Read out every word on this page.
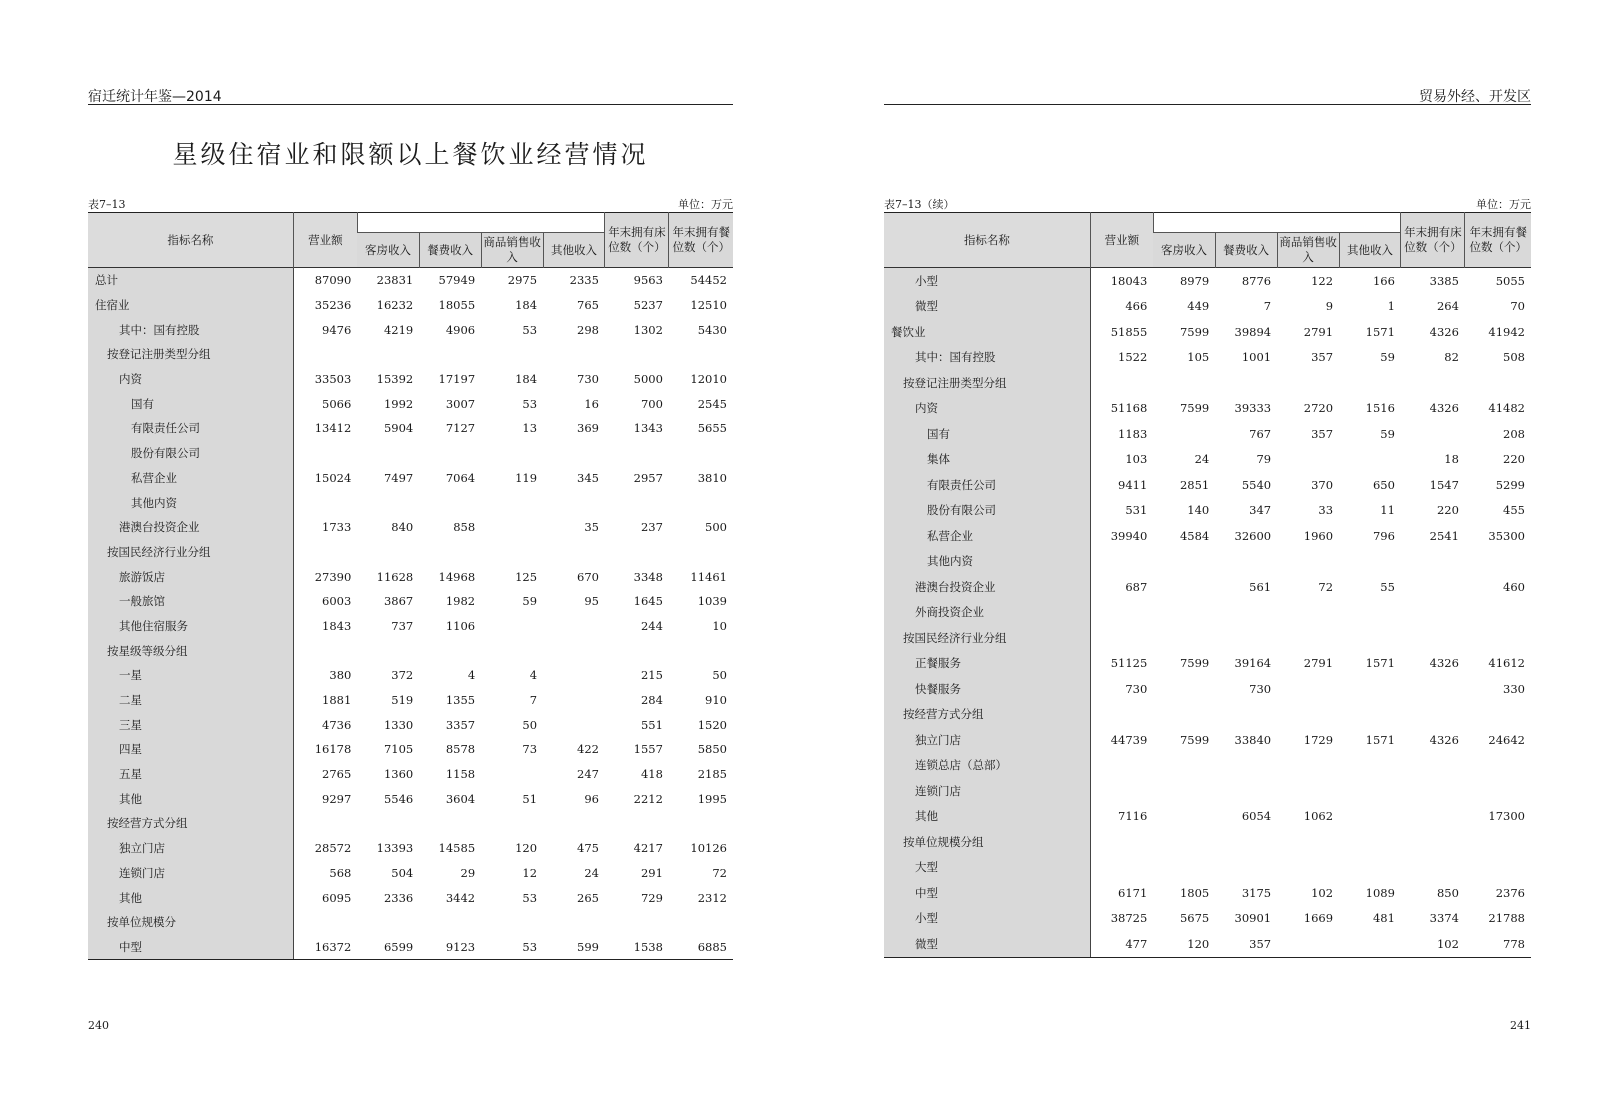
宿迁统计年鉴—2014
星级住宿业和限额以上餐饮业经营情况
表7–13	单位：万元
指标名称	营业额					年末拥有床位数（个）	年末拥有餐位数（个）
		客房收入	餐费收入	商品销售收入	其他收入		
总计	87090	23831	57949	2975	2335	9563	54452
住宿业	35236	16232	18055	184	765	5237	12510
其中：国有控股	9476	4219	4906	53	298	1302	5430
按登记注册类型分组							
内资	33503	15392	17197	184	730	5000	12010
国有	5066	1992	3007	53	16	700	2545
有限责任公司	13412	5904	7127	13	369	1343	5655
股份有限公司							
私营企业	15024	7497	7064	119	345	2957	3810
其他内资							
港澳台投资企业	1733	840	858		35	237	500
按国民经济行业分组							
旅游饭店	27390	11628	14968	125	670	3348	11461
一般旅馆	6003	3867	1982	59	95	1645	1039
其他住宿服务	1843	737	1106			244	10
按星级等级分组							
一星	380	372	4	4		215	50
二星	1881	519	1355	7		284	910
三星	4736	1330	3357	50		551	1520
四星	16178	7105	8578	73	422	1557	5850
五星	2765	1360	1158		247	418	2185
其他	9297	5546	3604	51	96	2212	1995
按经营方式分组							
独立门店	28572	13393	14585	120	475	4217	10126
连锁门店	568	504	29	12	24	291	72
其他	6095	2336	3442	53	265	729	2312
按单位规模分							
中型	16372	6599	9123	53	599	1538	6885
240
贸易外经、开发区
表7–13（续）	单位：万元
指标名称	营业额					年末拥有床位数（个）	年末拥有餐位数（个）
		客房收入	餐费收入	商品销售收入	其他收入		
小型	18043	8979	8776	122	166	3385	5055
微型	466	449	7	9	1	264	70
餐饮业	51855	7599	39894	2791	1571	4326	41942
其中：国有控股	1522	105	1001	357	59	82	508
按登记注册类型分组							
内资	51168	7599	39333	2720	1516	4326	41482
国有	1183		767	357	59		208
集体	103	24	79			18	220
有限责任公司	9411	2851	5540	370	650	1547	5299
股份有限公司	531	140	347	33	11	220	455
私营企业	39940	4584	32600	1960	796	2541	35300
其他内资							
港澳台投资企业	687		561	72	55		460
外商投资企业							
按国民经济行业分组							
正餐服务	51125	7599	39164	2791	1571	4326	41612
快餐服务	730		730				330
按经营方式分组							
独立门店	44739	7599	33840	1729	1571	4326	24642
连锁总店（总部）							
连锁门店							
其他	7116		6054	1062			17300
按单位规模分组							
大型							
中型	6171	1805	3175	102	1089	850	2376
小型	38725	5675	30901	1669	481	3374	21788
微型	477	120	357			102	778
241
